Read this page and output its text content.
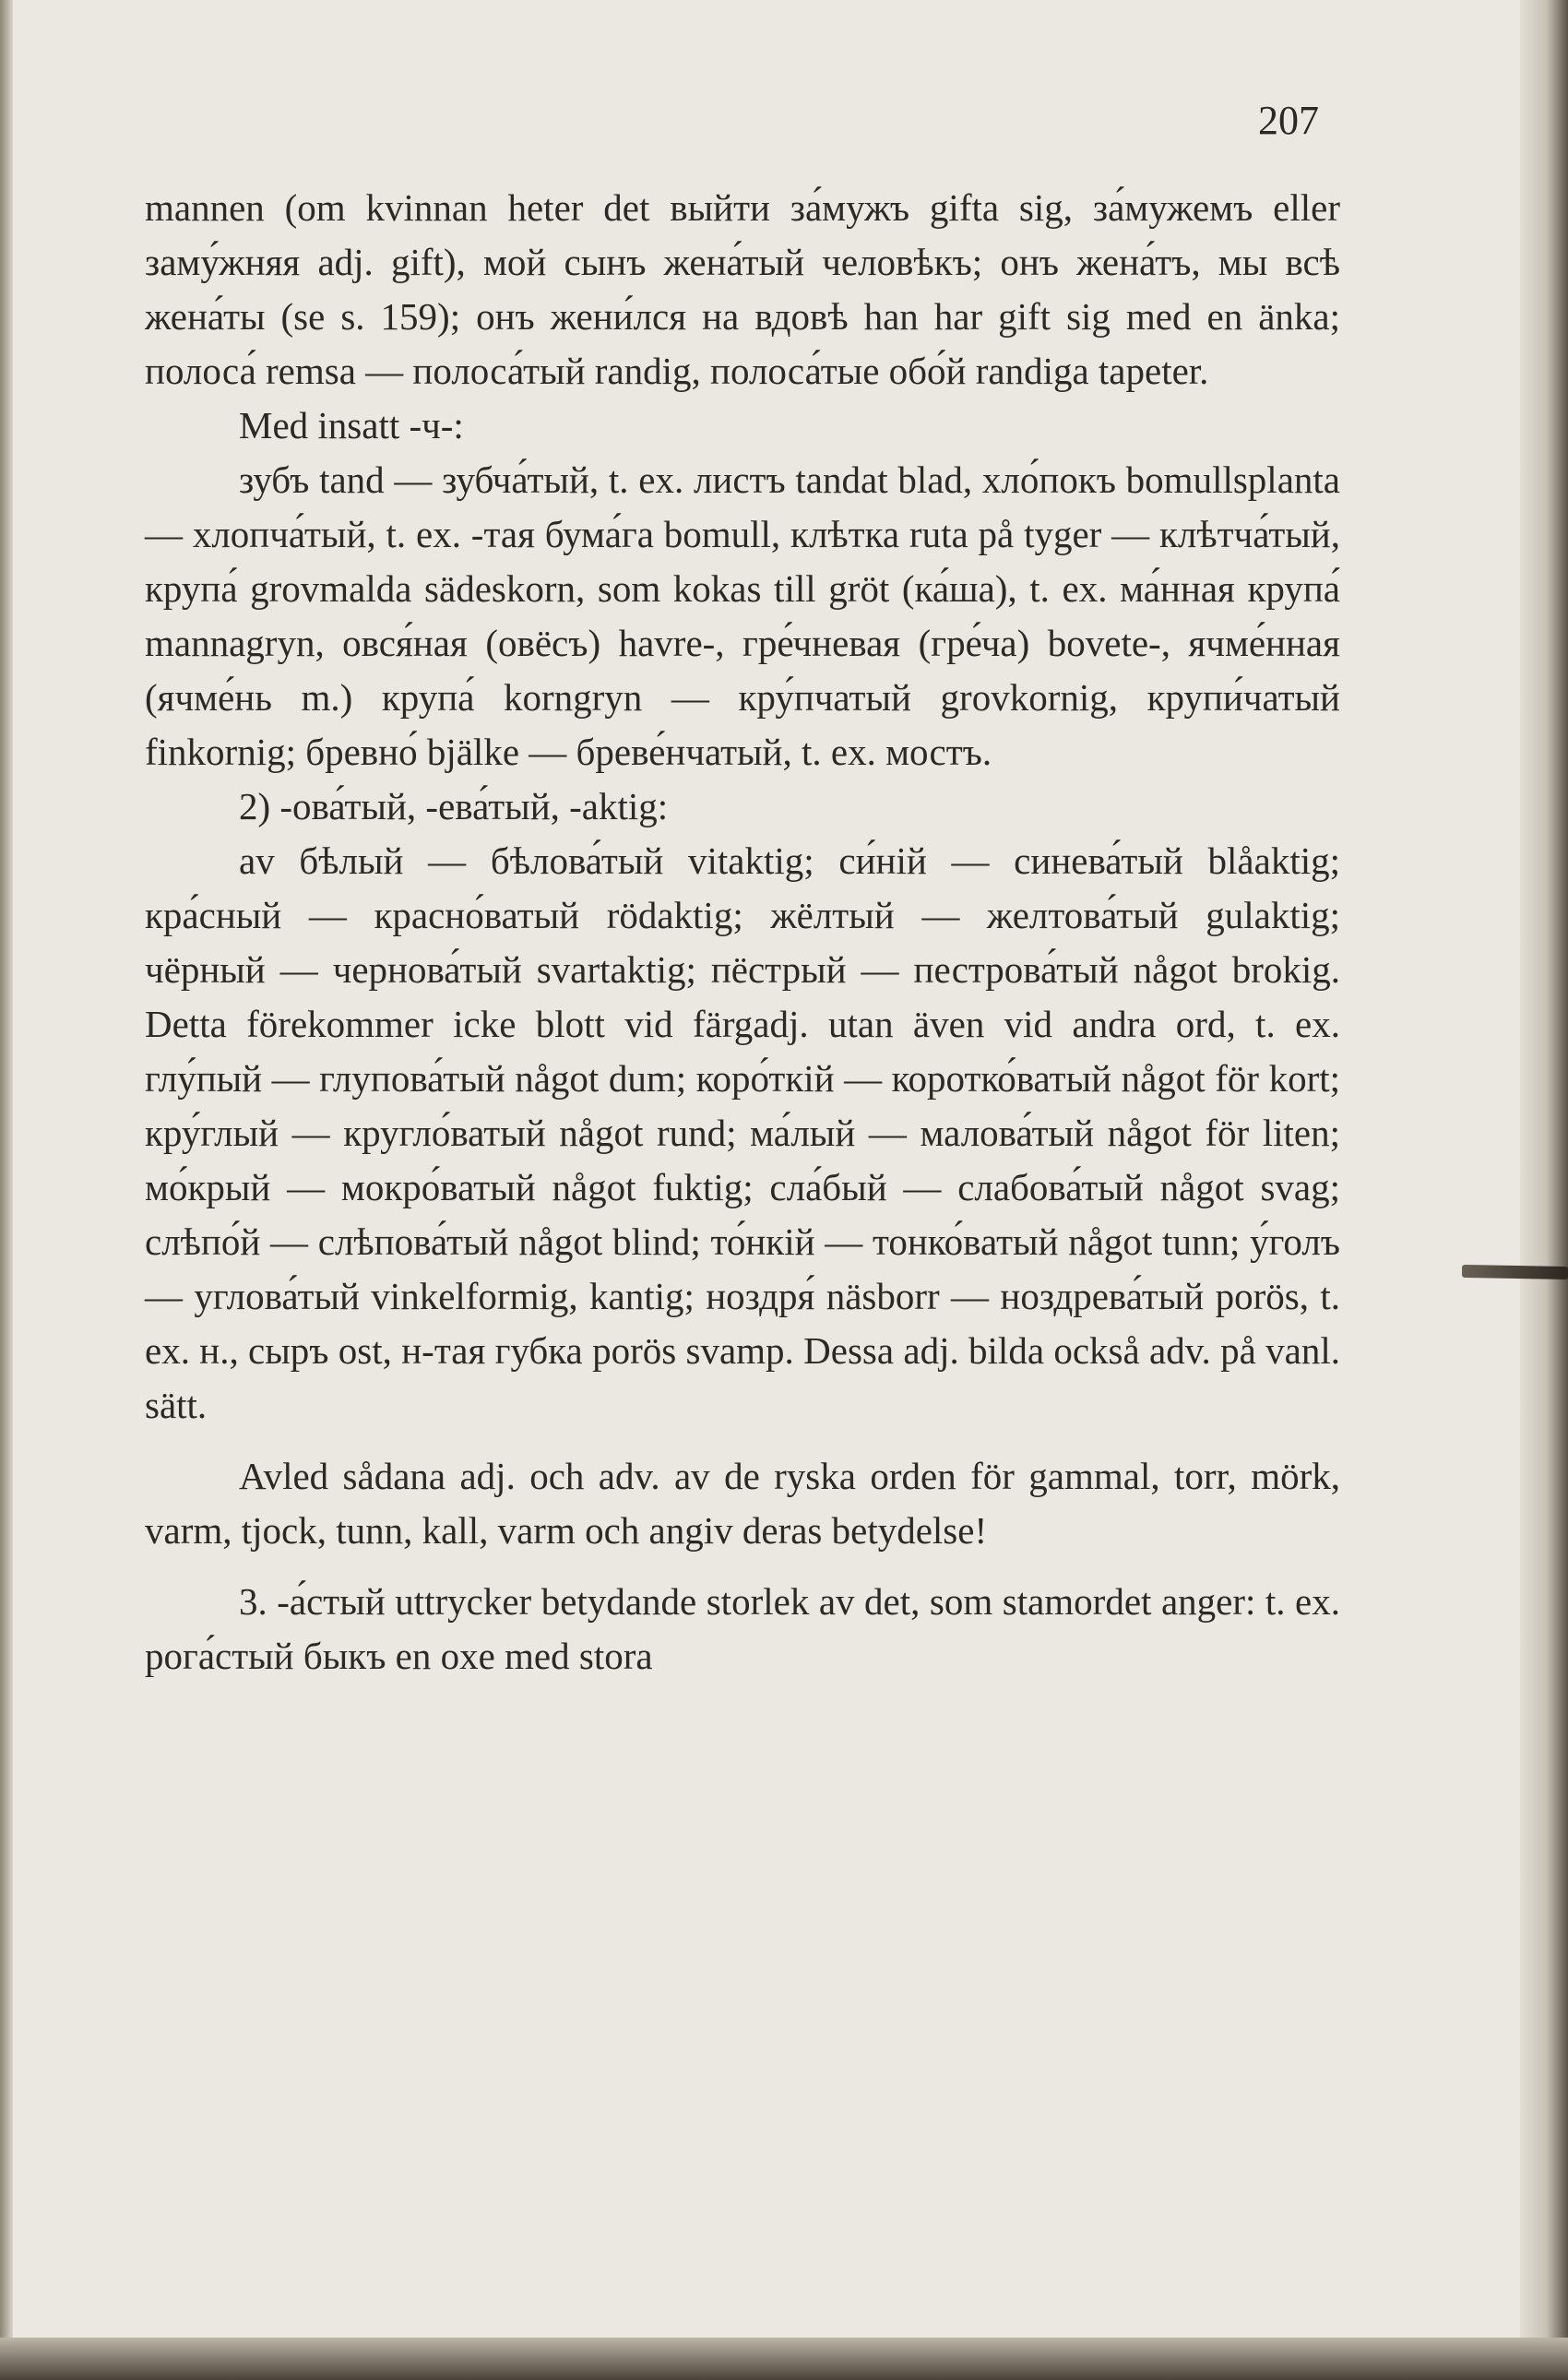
207

mannen (om kvinnan heter det выйти за́мужъ gifta sig, за́мужемъ eller заму́жняя adj. gift), мой сынъ жена́тый человѣкъ; онъ жена́тъ, мы всѣ жена́ты (se s. 159); онъ жени́лся на вдовѣ han har gift sig med en änka; полоса́ remsa — полоса́тый randig, полоса́тые обо́й randiga tapeter.

Med insatt -ч-:

зубъ tand — зубча́тый, t. ex. листъ tandat blad, хло́покъ bomullsplanta — хлопча́тый, t. ex. -тая бума́га bomull, клѣтка ruta på tyger — клѣтча́тый, крупа́ grovmalda sädeskorn, som kokas till gröt (ка́ша), t. ex. ма́нная крупа́ mannagryn, овся́ная (овёсъ) havre-, гре́чневая (гре́ча) bovete-, ячме́нная (ячме́нь m.) крупа́ korngryn — кру́пчатый grovkornig, крупи́чатый finkornig; бревно́ bjälke — бреве́нчатый, t. ex. мостъ.

2) -ова́тый, -ева́тый, -aktig:

av бѣлый — бѣлова́тый vitaktig; си́ній — синева́тый blåaktig; кра́сный — красно́ватый rödaktig; жёлтый — желтова́тый gulaktig; чёрный — чернова́тый svartaktig; пёстрый — пестрова́тый något brokig. Detta förekommer icke blott vid färgadj. utan även vid andra ord, t. ex. глу́пый — глупова́тый något dum; коро́ткій — коротко́ватый något för kort; кру́глый — кругло́ватый något rund; ма́лый — малова́тый något för liten; мо́крый — мокро́ватый något fuktig; сла́бый — слабова́тый något svag; слѣпо́й — слѣпова́тый något blind; то́нкій — тонко́ватый något tunn; у́голъ — углова́тый vinkelformig, kantig; ноздря́ näsborr — ноздрева́тый porös, t. ex. н., сыръ ost, н-тая губка porös svamp. Dessa adj. bilda också adv. på vanl. sätt.

Avled sådana adj. och adv. av de ryska orden för gammal, torr, mörk, varm, tjock, tunn, kall, varm och angiv deras betydelse!

3. -а́стый uttrycker betydande storlek av det, som stamordet anger: t. ex. рога́стый быкъ en oxe med stora
